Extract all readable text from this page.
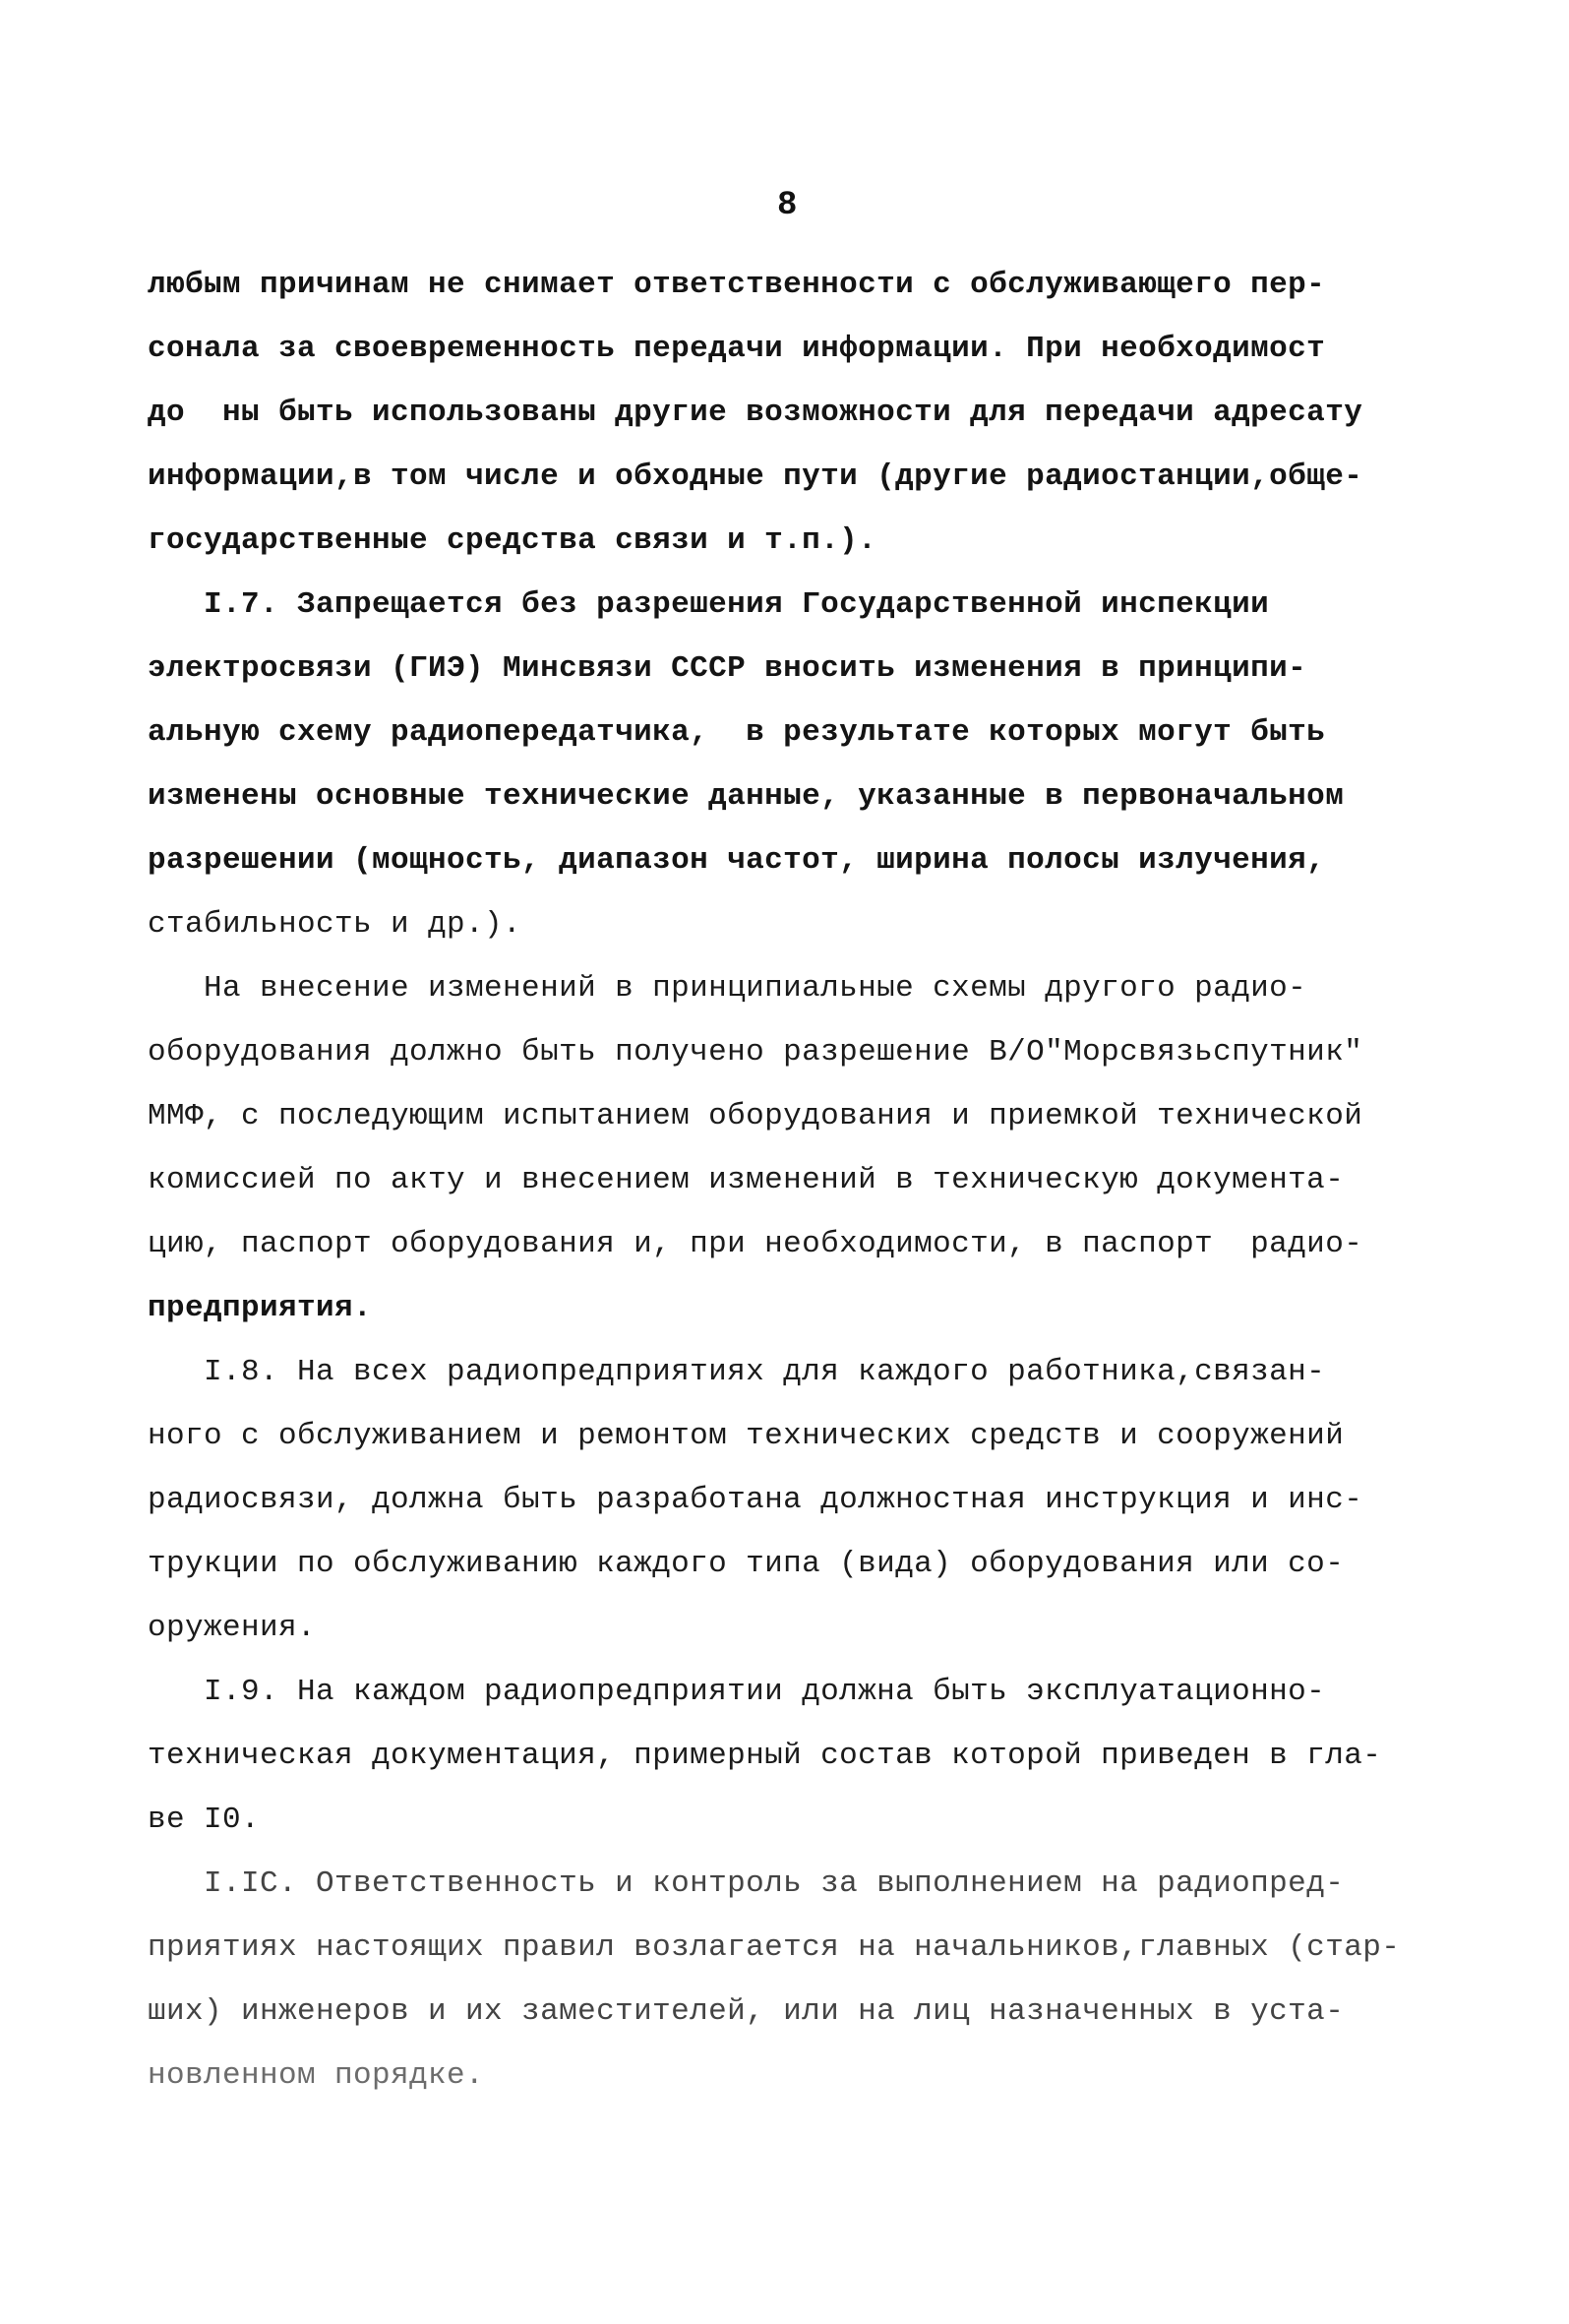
8
любым причинам не снимает ответственности с обслуживающего пер-
сонала за своевременность передачи информации. При необходимост
до  ны быть использованы другие возможности для передачи адресату
информации,в том числе и обходные пути (другие радиостанции,обще-
государственные средства связи и т.п.).
I.7. Запрещается без разрешения Государственной инспекции
электросвязи (ГИЭ) Минсвязи СССР вносить изменения в принципи-
альную схему радиопередатчика,  в результате которых могут быть
изменены основные технические данные, указанные в первоначальном
разрешении (мощность, диапазон частот, ширина полосы излучения,
стабильность и др.).
На внесение изменений в принципиальные схемы другого радио-
оборудования должно быть получено разрешение В/О"Морсвязьспутник"
ММФ, с последующим испытанием оборудования и приемкой технической
комиссией по акту и внесением изменений в техническую документа-
цию, паспорт оборудования и, при необходимости, в паспорт  радио-
предприятия.
I.8. На всех радиопредприятиях для каждого работника,связан-
ного с обслуживанием и ремонтом технических средств и сооружений
радиосвязи, должна быть разработана должностная инструкция и инс-
трукции по обслуживанию каждого типа (вида) оборудования или со-
оружения.
I.9. На каждом радиопредприятии должна быть эксплуатационно-
техническая документация, примерный состав которой приведен в гла-
ве I0.
I.IC. Ответственность и контроль за выполнением на радиопред-
приятиях настоящих правил возлагается на начальников,главных (стар-
ших) инженеров и их заместителей, или на лиц назначенных в уста-
новленном порядке.
